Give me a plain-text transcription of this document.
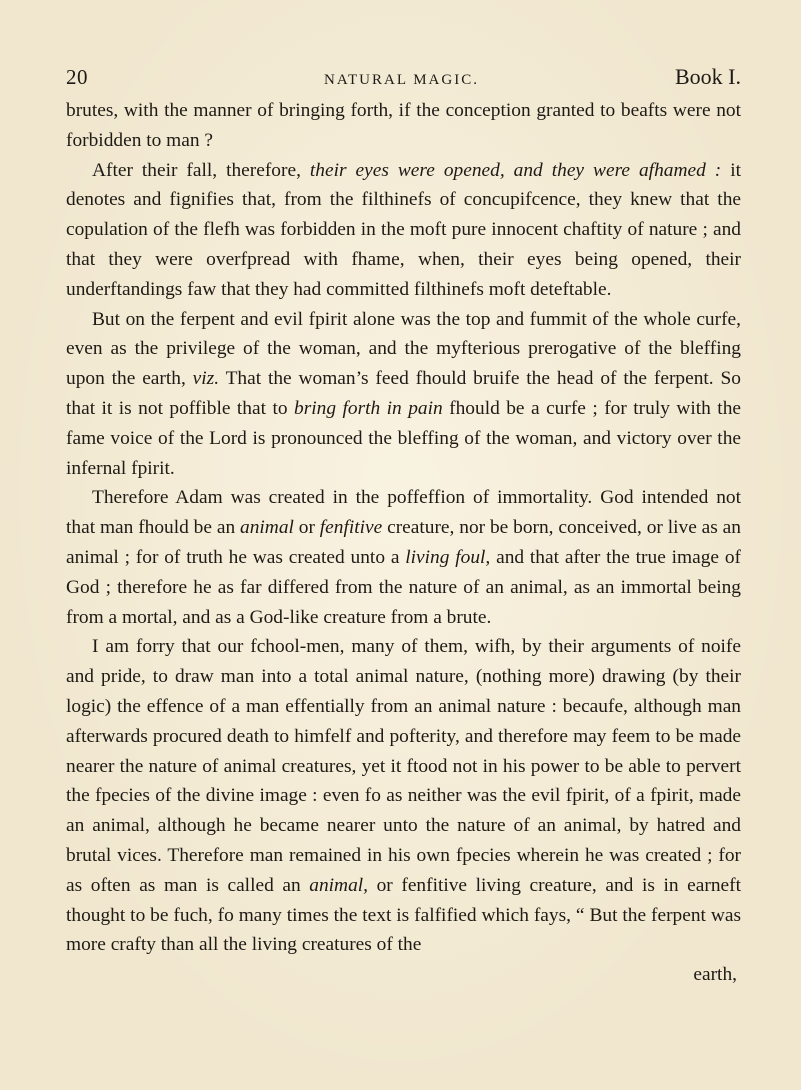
20	NATURAL MAGIC.	Book I.

brutes, with the manner of bringing forth, if the conception granted to beafts were not forbidden to man ?

After their fall, therefore, their eyes were opened, and they were afhamed : it denotes and fignifies that, from the filthinefs of concupifcence, they knew that the copulation of the flefh was forbidden in the moft pure innocent chaftity of nature ; and that they were overfpread with fhame, when, their eyes being opened, their underftandings faw that they had committed filthinefs moft deteftable.

But on the ferpent and evil fpirit alone was the top and fummit of the whole curfe, even as the privilege of the woman, and the myfterious prerogative of the bleffing upon the earth, viz. That the woman’s feed fhould bruife the head of the ferpent. So that it is not poffible that to bring forth in pain fhould be a curfe ; for truly with the fame voice of the Lord is pronounced the bleffing of the woman, and victory over the infernal fpirit.

Therefore Adam was created in the poffeffion of immortality. God intended not that man fhould be an animal or fenfitive creature, nor be born, conceived, or live as an animal ; for of truth he was created unto a living foul, and that after the true image of God ; therefore he as far differed from the nature of an animal, as an immortal being from a mortal, and as a God-like creature from a brute.

I am forry that our fchool-men, many of them, wifh, by their arguments of noife and pride, to draw man into a total animal nature, (nothing more) drawing (by their logic) the effence of a man effentially from an animal nature : becaufe, although man afterwards procured death to himfelf and pofterity, and therefore may feem to be made nearer the nature of animal creatures, yet it ftood not in his power to be able to pervert the fpecies of the divine image : even fo as neither was the evil fpirit, of a fpirit, made an animal, although he became nearer unto the nature of an animal, by hatred and brutal vices. Therefore man remained in his own fpecies wherein he was created ; for as often as man is called an animal, or fenfitive living creature, and is in earneft thought to be fuch, fo many times the text is falfified which fays, “ But the ferpent was more crafty than all the living creatures of the

earth,
